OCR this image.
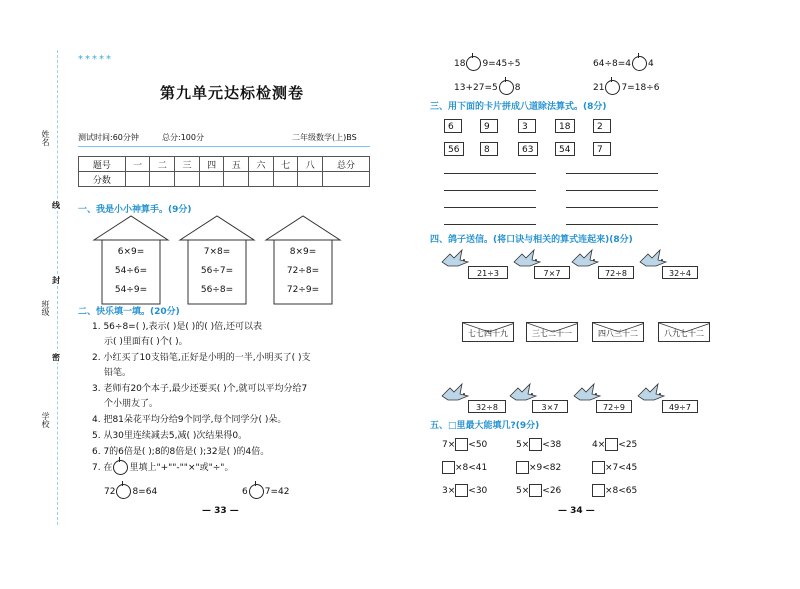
姓名
班级
学校
线
封
密
*****
第九单元达标检测卷
测试时间:60分钟	总分:100分	二年级数学(上)BS
题号	一	二	三	四	五	六	七	八	总分
分数									
一、我是小小神算手。(9分)
6×9=
54÷6=
54÷9=
7×8=
56÷7=
56÷8=
8×9=
72÷8=
72÷9=
二、快乐填一填。(20分)
1. 56÷8=( ),表示( )是( )的( )倍,还可以表
示( )里面有( )个( )。
2. 小红买了10支铅笔,正好是小明的一半,小明买了( )支
铅笔。
3. 老师有20个本子,最少还要买( )个,就可以平均分给7
个小朋友了。
4. 把81朵花平均分给9个同学,每个同学分( )朵。
5. 从30里连续减去5,减( )次结果得0。
6. 7的6倍是( );8的8倍是( );32是( )的4倍。
7. 在 里填上"+""-""×"或"÷"。
72 8=64	6 7=42
— 33 —
18 9=45÷5	64÷8=4 4
13+27=5 8	21 7=18÷6
三、用下面的卡片拼成八道除法算式。(8分)
6	9	3	18	2
56	8	63	54	7
四、鸽子送信。(将口诀与相关的算式连起来)(8分)
21÷3	7×7	72÷8	32÷4
七七四十九	三七二十一	四八三十二	八九七十二
32÷8	3×7	72÷9	49÷7
五、□里最大能填几?(9分)
7× <50	5× <38	4× <25
×8<41	×9<82	×7<45
3× <30	5× <26	×8<65
— 34 —
